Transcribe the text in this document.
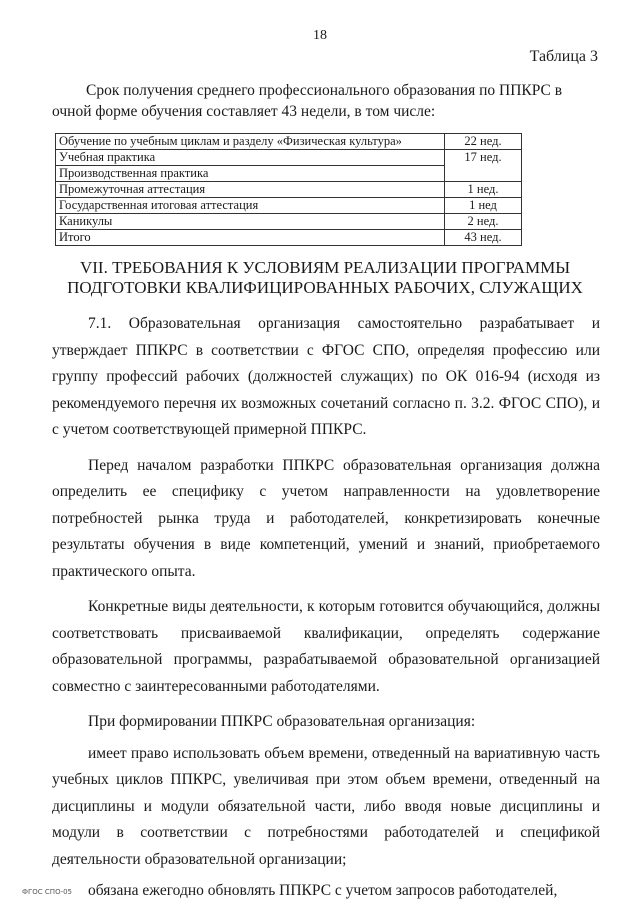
18
Таблица 3
Срок получения среднего профессионального образования по ППКРС в очной форме обучения составляет 43 недели, в том числе:
Обучение по учебным циклам и разделу «Физическая культура»	22 нед.
Учебная практика	17 нед.
Производственная практика	
Промежуточная аттестация	1 нед.
Государственная итоговая аттестация	1 нед
Каникулы	2 нед.
Итого	43 нед.
VII. ТРЕБОВАНИЯ К УСЛОВИЯМ РЕАЛИЗАЦИИ ПРОГРАММЫ
ПОДГОТОВКИ КВАЛИФИЦИРОВАННЫХ РАБОЧИХ, СЛУЖАЩИХ

7.1. Образовательная организация самостоятельно разрабатывает и утверждает ППКРС в соответствии с ФГОС СПО, определяя профессию или группу профессий рабочих (должностей служащих) по ОК 016-94 (исходя из рекомендуемого перечня их возможных сочетаний согласно п. 3.2. ФГОС СПО), и с учетом соответствующей примерной ППКРС.

Перед началом разработки ППКРС образовательная организация должна определить ее специфику с учетом направленности на удовлетворение потребностей рынка труда и работодателей, конкретизировать конечные результаты обучения в виде компетенций, умений и знаний, приобретаемого практического опыта.

Конкретные виды деятельности, к которым готовится обучающийся, должны соответствовать присваиваемой квалификации, определять содержание образовательной программы, разрабатываемой образовательной организацией совместно с заинтересованными работодателями.

При формировании ППКРС образовательная организация:

имеет право использовать объем времени, отведенный на вариативную часть учебных циклов ППКРС, увеличивая при этом объем времени, отведенный на дисциплины и модули обязательной части, либо вводя новые дисциплины и модули в соответствии с потребностями работодателей и спецификой деятельности образовательной организации;

обязана ежегодно обновлять ППКРС с учетом запросов работодателей,

ФГОС СПО-05
